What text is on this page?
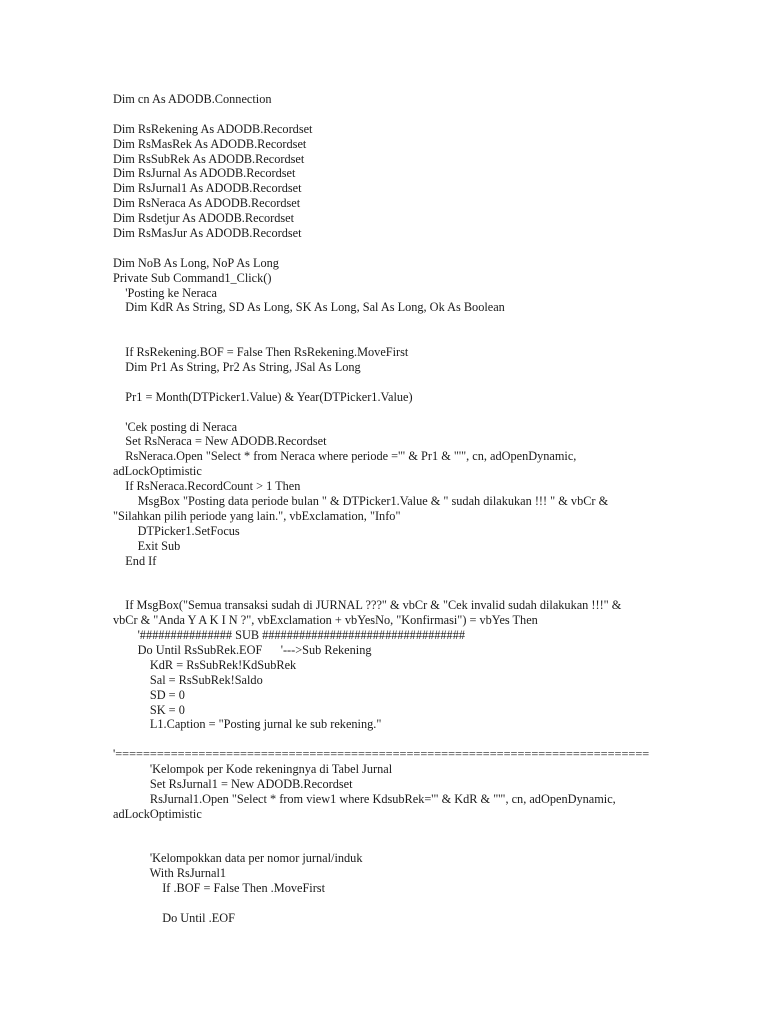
Dim cn As ADODB.Connection

Dim RsRekening As ADODB.Recordset
Dim RsMasRek As ADODB.Recordset
Dim RsSubRek As ADODB.Recordset
Dim RsJurnal As ADODB.Recordset
Dim RsJurnal1 As ADODB.Recordset
Dim RsNeraca As ADODB.Recordset
Dim Rsdetjur As ADODB.Recordset
Dim RsMasJur As ADODB.Recordset

Dim NoB As Long, NoP As Long
Private Sub Command1_Click()
'Posting ke Neraca
Dim KdR As String, SD As Long, SK As Long, Sal As Long, Ok As Boolean

If RsRekening.BOF = False Then RsRekening.MoveFirst
Dim Pr1 As String, Pr2 As String, JSal As Long

Pr1 = Month(DTPicker1.Value) & Year(DTPicker1.Value)

'Cek posting di Neraca
Set RsNeraca = New ADODB.Recordset
RsNeraca.Open "Select * from Neraca where periode ='" & Pr1 & "'", cn, adOpenDynamic,
adLockOptimistic
If RsNeraca.RecordCount > 1 Then
MsgBox "Posting data periode bulan " & DTPicker1.Value & " sudah dilakukan !!! " & vbCr &
"Silahkan pilih periode yang lain.", vbExclamation, "Info"
DTPicker1.SetFocus
Exit Sub
End If

If MsgBox("Semua transaksi sudah di JURNAL ???" & vbCr & "Cek invalid sudah dilakukan !!!" &
vbCr & "Anda Y A K I N ?", vbExclamation + vbYesNo, "Konfirmasi") = vbYes Then
'############### SUB #################################
Do Until RsSubRek.EOF      '--->Sub Rekening
KdR = RsSubRek!KdSubRek
Sal = RsSubRek!Saldo
SD = 0
SK = 0
L1.Caption = "Posting jurnal ke sub rekening."

'=============================================================================
'Kelompok per Kode rekeningnya di Tabel Jurnal
Set RsJurnal1 = New ADODB.Recordset
RsJurnal1.Open "Select * from view1 where KdsubRek='" & KdR & "'", cn, adOpenDynamic,
adLockOptimistic

'Kelompokkan data per nomor jurnal/induk
With RsJurnal1
If .BOF = False Then .MoveFirst

Do Until .EOF
